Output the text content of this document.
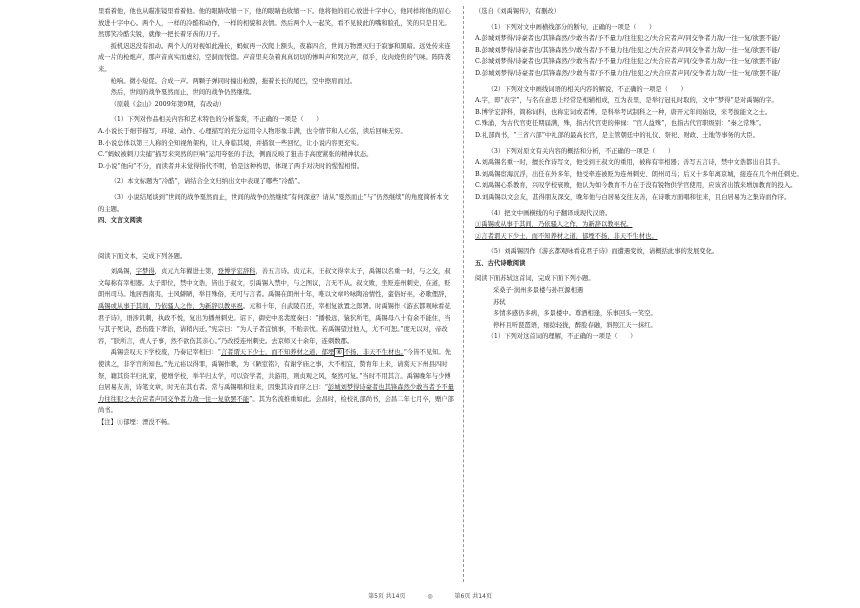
里看着他，他也从瞄准镜里看着他。他的眼睛收缩一下，他的眼睛也收缩一下。他将他的眉心放进十字中心，他同样将他的眉心放进十字中心。两个人，一样的冷酷和动作，一样的相貌和表情。然后两个人一起笑，看不见彼此的嘴和脸孔，笑的只是目光。然那笑冷酷尖锐，就像一把长着牙齿的刀子。

扳机迟迟没有扣动。两个人的对视如此漫长，蚂蚁再一次爬上额头，夜幕四合，世间万物湮灭归于寂寥和黑暗。远处传来连成一片的枪炮声，那声音真实而虚幻，空洞而恍惚。声音里夹杂着真真切切的惨叫声和哭泣声，似乎，皮肉烧焦的气味。阵阵袭来。

枪响。微小短促。合成一声。两颗子弹同时撞出枪膛，拖着长长的尾巴，空中擦肩而过。

然后，世间的战争戛然而止，世间的战争仍然继续。

（原载《金山》2009年第9期，有改动）

（1）下列对作品相关内容和艺术特色的分析鉴赏，不正确的一项是（　　）

A.小说长于细节描写，环境、动作、心理描写的充分运用令人物形象丰满，也令情节和人心弦，读后回味无穷。

B.小说总体以第三人称的全知视角架构，让人身临其境，并描叙一些回忆，让小说内容更充实。

C.“蚂蚁被刺刀尖捕“描写来突然的巨响“运用夸张的手法，侧面反映了狙击手高度紧张的精神状态。

D.小说“他向“不分，而读者并未觉得指代不明，恰是这种构思，体现了两手对决时的惺惺相惜。

（2）本文标题为“冷酷”，请结合全文归纳出文中表现了哪些“冷酷”。

（3）小说结尾谈到“世间的战争戛然而止，世间的战争仍然继续”有何深意？请从“戛然而止”与“仍然继续”的角度简析本文的主题。

四、文言文阅读

阅读下面文本，完成下列各题。

刘禹锡，字梦得，贞元九年擢进士第，登博学宏辞科，善五言诗。贞元末，王叔文得幸太子，禹锡以名重一时，与之交，叔文每称有宰相器。太子即位，禁中文诰，皆出于叔文，引禹锡入禁中，与之图议，言无不从。叔文败，坐贬连州刺史，在道，贬朗州司马。地居西南夷，士风僻陋，举目殊俗，无可与言者。禹锡在朗州十年，唯以文章吟咏陶冶情性，蛮俗好巫，必歌俚辞，禹锡或从事于其间，乃依骚人之作，为新辞以教巫祝。元和十年，自武陵召还，宰相复欲置之郎署。时禹锡作《游玄都观咏看花君子诗》，语涉讥刺，执政不悦，复出为播州刺史。诏下，御史中丞裴度奏曰：“播极远，猿狖所宅，禹锡母八十有余不能住，当与其子死诀，恐伤陛下孝治，请稍内迁。”宪宗曰：“为人子者宜慎事，不贻亲忧。若禹锡望过他人，尤不可恕。”度无以对，帝改容，“朕所言，责人子事，然不欲伤其亲心。”乃改授连州刺史。去京师又十余年，连刺数郡。

禹锡尝叹天下学校废，乃奏记宰相曰：“言者谓天下少士，而不知养材之道，郁堙 ⑥ 不扬，非天不生材也。”今皆不见知。先使读之，非学宫所知也。”先元裕以得罪，禹锡作歌，为《陋室铭》，有谢学庙之事，大不相宜，赞育年上来，请赏天下州县四时祭，籍其资半归礼家，使增学校，举半归太学，可以资学者，共游用，则贞观之风，粲然可复。”当时不用其言。禹锡晚年与少傅白居易友善，诗笔文章，时无在其右者。常与禹锡唱和往来，因集其诗而序之曰：“彭城刘梦得诗豪者也其锋森然少敢当者予不量力往往犯之夫合应者声同交争者力敌一往一复欲罢不能”。其为名流推重如此。会昌时，检校礼部尚书，会昌二年七月卒，赠户部尚书。

【注】①郁堙：湮没不畅。

（选自《刘禹锡传》，有删改）

（1）下列对文中画横线部分的断句，正确的一项是（　　）

A.彭城刘梦得/诗豪者也/其锋森然/少敢当者/予不量力/往往犯之/夫合应者声/同交争者力敌/一往一复/欲罢不能/

B.彭城刘梦得/诗豪者也/其锋森然少/敢当者/予不量力往/往犯之/夫合应者声/同交争者力敌/一往一复/欲罢不能/

C.彭城刘梦得/诗豪者也/其锋森然/少敢当者/予不量力/往往犯之/夫合应者声同/交争者力敌/一往一复/欲罢不能/

D.彭城刘梦得/诗豪者也/其锋森然/少敢当者/予不量力往/往犯之/夫合应者声同/交争者力敌/一往一复/欲罢不能/

（2）下列对文中画线词语的相关内容的解说，不正确的一项是（　　）

A.字，即“表字”，与名在意思上经常是相辅相成，互为表里，是举行冠礼时取的，文中“梦得”是对禹锡的字。

B.博学宏辞科，简称词科，也称宏词或者博，是科举考试制科之一种，唐开元年间始设，来考拔能文之士。

C.殊涌，为古代官吏任期届满，殊，指古代官吏的俸禄：“官人益殊”，也指古代官职级别：“秦之常殊”。

D.礼部尚书，“三省六部”中礼部的最高长官，是主管朝廷中的礼仪、祭祀、财政、土地等事务的大臣。

（3）下列对原文有关内容的概括和分析，不正确的一项是（　　）

A.刘禹锡名重一时，擅长作诗写文，他受到王叔文的重用，被称有宰相器；善写五言诗，禁中文诰都出自其手。

B.刘禹锡宦海沉浮，出任在外多年，他受牵连被贬为连州刺史、朗州司马；后又十多年离京城，接连在几个州任刺史。

C.刘禹锡心系教育，兴叹学校衰败，他认为如今教育不力在于没有锐物供学官使用，应该省出饿来增加教育的投入。

D.刘禹锡以文会友，甚得朋友深交，晚年他与白居易交往友善，在诗歌方面唱和往来，且白居易为之集诗而作序。

（4）把文中画横线的句子翻译成现代汉语。

①禹锡或从事于其间，乃依骚人之作，为新辞以教巫祝。

②言者谓天下少士，而不知养材之道，郁堙不扬，非天不生材也。

（5）刘禹锡因作《游玄都观咏看花君子诗》而遭遇变故，请概括此事的发展变化。

五、古代诗歌阅读

阅读下面苏轼这首词，完成下面下列小题。

采桑子·润州多景楼与孙巨源相遇

苏轼

多情多感仍多病，多景楼中。尊酒相逢，乐事回头一笑空。

停杯且听琵琶语，细捻轻拢，醉脸春融，斜照江天一抹红。

（1）下列对这首词的理解，不正确的一项是（　　）

第5页 共14页	◎	第6页 共14页
